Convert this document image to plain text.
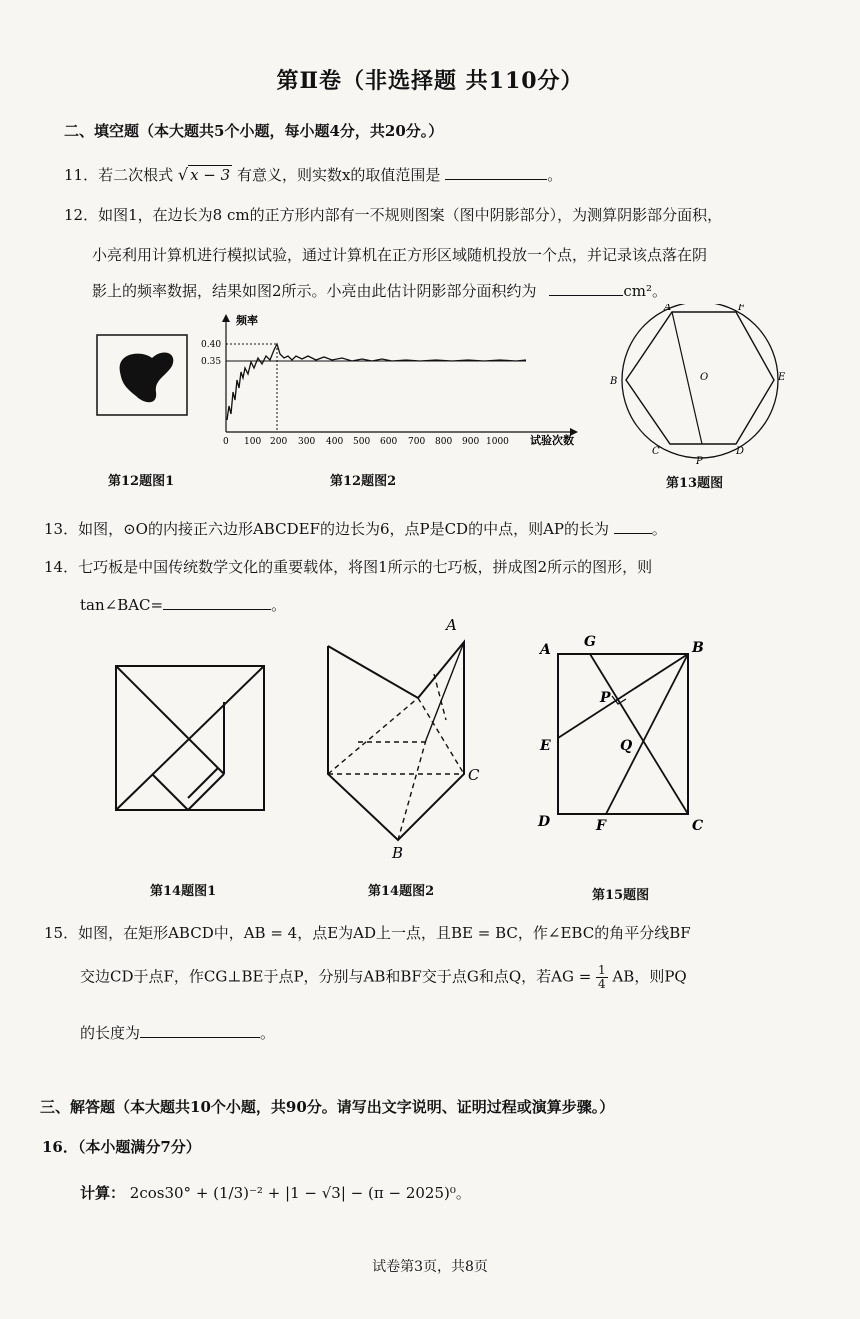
第Ⅱ卷（非选择题 共110分）
二、填空题（本大题共5个小题，每小题4分，共20分。）
11．若二次根式 √ x − 3 有意义，则实数x的取值范围是	。
12．如图1，在边长为8 cm的正方形内部有一不规则图案（图中阴影部分），为测算阴影部分面积，
小亮利用计算机进行模拟试验，通过计算机在正方形区域随机投放一个点，并记录该点落在阴
影上的频率数据，结果如图2所示。小亮由此估计阴影部分面积约为	cm²。
频率
0.40
0.35
0 100 200 300 400 500 600 700 800 900 1000 试验次数
A	F
B	O	E
C	D
P
第12题图1	第12题图2	第13题图
13．如图，⊙O的内接正六边形ABCDEF的边长为6，点P是CD的中点，则AP的长为	。
14．七巧板是中国传统数学文化的重要载体，将图1所示的七巧板，拼成图2所示的图形，则
tan∠BAC=	。
A
C
B
A G	B
P
E	Q
D	F	C
第14题图1	第14题图2	第15题图
15．如图，在矩形ABCD中，AB = 4，点E为AD上一点，且BE = BC，作∠EBC的角平分线BF
交边CD于点F，作CG⊥BE于点P，分别与AB和BF交于点G和点Q，若AG = $\frac{1}{4}$ AB，则PQ
的长度为	。
三、解答题（本大题共10个小题，共90分。请写出文字说明、证明过程或演算步骤。）
16．（本小题满分7分）
计算： 2cos30° + (1/3)⁻² + |1 − √3| − (π − 2025)⁰。
试卷第3页，共8页
